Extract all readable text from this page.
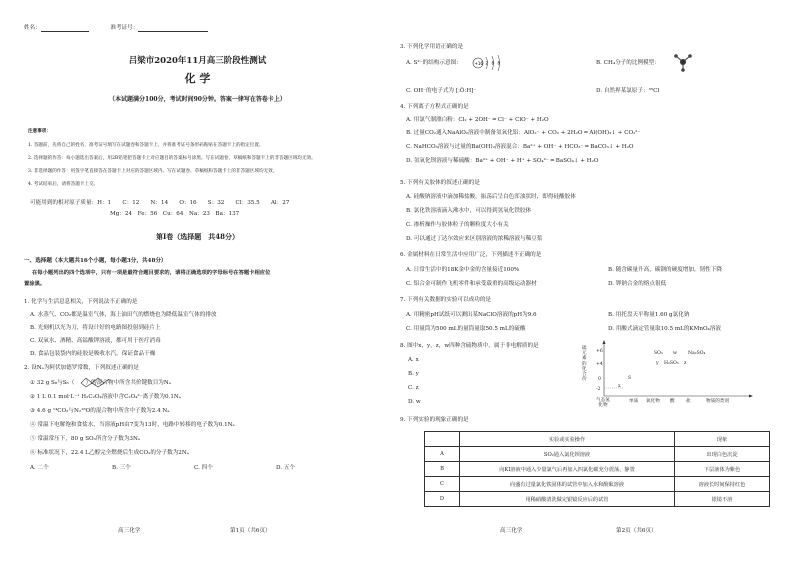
姓名：	准考证号：
吕梁市2020年11月高三阶段性测试
化 学
（本试题满分100分，考试时间90分钟。答案一律写在答卷卡上）
注意事项：
1. 答题前，先将自己的姓名、准考证号填写在试题卷和答题卡上，并将准考证号条形码粘贴在答题卡上的指定位置。
2. 选择题的作答：每小题选出答案后，用2B铅笔把答题卡上对应题目的答案标号涂黑。写在试题卷、草稿纸和答题卡上的非答题区域均无效。
3. 非选择题的作答：用签字笔直接答在答题卡上对应的答题区域内。写在试题卷、草稿纸和答题卡上的非答题区域均无效。
4. 考试结束后，请将答题卡上交。
可能用到的相对原子质量：H：1　　C：12　　N：14　　O：16　　S：32　　Cl：35.5　　Al：27
Mg：24　Fe：56　Cu：64　Na：23　Ba：137
第Ⅰ卷（选择题　共48分）
一、选择题（本大题共16个小题，每小题3分，共48分）
在每小题列出的四个选项中，只有一项是最符合题目要求的，请将正确选项的字母标号在答题卡相应位
置涂黑。
1. 化学与生活息息相关，下列说法不正确的是
A. 水蒸气、CO₂都是温室气体，海上油田气的燃烧也为降低温室气体的排放
B. 光刻机以光为刀，将设计好的电路图投射到硅片上
C. 双氧水、酒精、高锰酸钾溶液，都可用于医疗消毒
D. 食品包装袋内的硅胶是吸收水汽，保证食品干燥
2. 设Nₐ为阿伏加德罗常数，下列叙述正确的是
① 32 g S₈与S₆（　　）的混合物中所含共价键数目为Nₐ
② 1 L 0.1 mol·L⁻¹ H₂C₂O₄溶液中含C₂O₄²⁻离子数为0.1Nₐ
③ 4.6 g ¹⁴CO₂与N₂¹⁸O的混合物中所含中子数为2.4 Nₐ
④ 常温下电解饱和食盐水，当溶液pH由7变为13时，电路中转移的电子数为0.1Nₐ
⑤ 常温常压下，80 g SO₃所含分子数为3Nₐ
⑥ 标准状况下，22.4 L乙醇完全燃烧后生成CO₂的分子数为2Nₐ
A. 二个	B. 三个	C. 四个	D. 五个
高三化学	第1页（共6页）
3. 下列化学用语正确的是
A. S²⁻的结构示意图：	+16 2 8 8	B. CH₄分子的比例模型：
C. OH⁻的电子式为 [:Ö:H]⁻	D. 自然界某氯原子：³⁵Cl
4. 下列离子方程式正确的是
A. 用氯气制漂白粉：Cl₂ + 2OH⁻ ═ Cl⁻ + ClO⁻ + H₂O
B. 过量CO₂通入NaAlO₂溶液中制备氢氧化铝：AlO₂⁻ + CO₂ + 2H₂O ═ Al(OH)₃↓ + CO₃²⁻
C. NaHCO₃溶液与过量的Ba(OH)₂溶液混合：Ba²⁺ + OH⁻ + HCO₃⁻ ═ BaCO₃↓ + H₂O
D. 氢氧化钡溶液与稀硫酸：Ba²⁺ + OH⁻ + H⁺ + SO₄²⁻ ═ BaSO₄↓ + H₂O
5. 下列有关胶体的叙述正确的是
A. 硅酸钠溶液中滴加稀盐酸，振荡后呈白色浑浊状时，即得硅酸胶体
B. 氯化铁溶液滴入沸水中，可以得到氢氧化铁胶体
C. 渗析操作与胶体粒子的颗粒度大小有关
D. 可以通过丁达尔效应来区别溶液的浓稀溶液与稀豆浆
6. 金属材料在日常生活中应用广泛，下列描述不正确的是
A. 日常生活中的18K金中金的含量接近100%	B. 随含碳量升高，碳钢的硬度增加，韧性下降
C. 铝合金可制作飞机零件和承受载重的高级运动器材	D. 钾钠合金的熔点很低
7. 下列有关数据的实验可以成功的是
A. 用精密pH试纸可以测出某NaClO溶液的pH为9.6	B. 用托盘天平称量1.60 g氯化钠
C. 用量筒为500 mL的量筒量取50.5 mL的硫酸	D. 用酸式滴定管量取10.5 mL的KMnO₄溶液
8. 图中x，y，z，w四种含硫物质中，属于非电解质的是
A. x
B. y
C. z
D. w
硫元素的化合价
+6
+4
0
-2
SO₃ w Na₂SO₄
y H₂SO₃ z
S
x
气态氢化物
单质 氧化物 酸 盐	物质的类别
9. 下列实验的现象正确的是
	实验或实验操作	现象
A	SO₂通入氯化钡溶液	出现白色沉淀
B	向KI溶液中通入少量氯气后再加入四氯化碳充分震荡，静置	下层液体为紫色
C	向盛有过量氯化铁固体的试管中加入水和酚酞溶液	溶液长时间保持红色
D	用稀硝酸清洗做完银镜反应后的试管	银镜不溶
高三化学	第2页（共6页）
